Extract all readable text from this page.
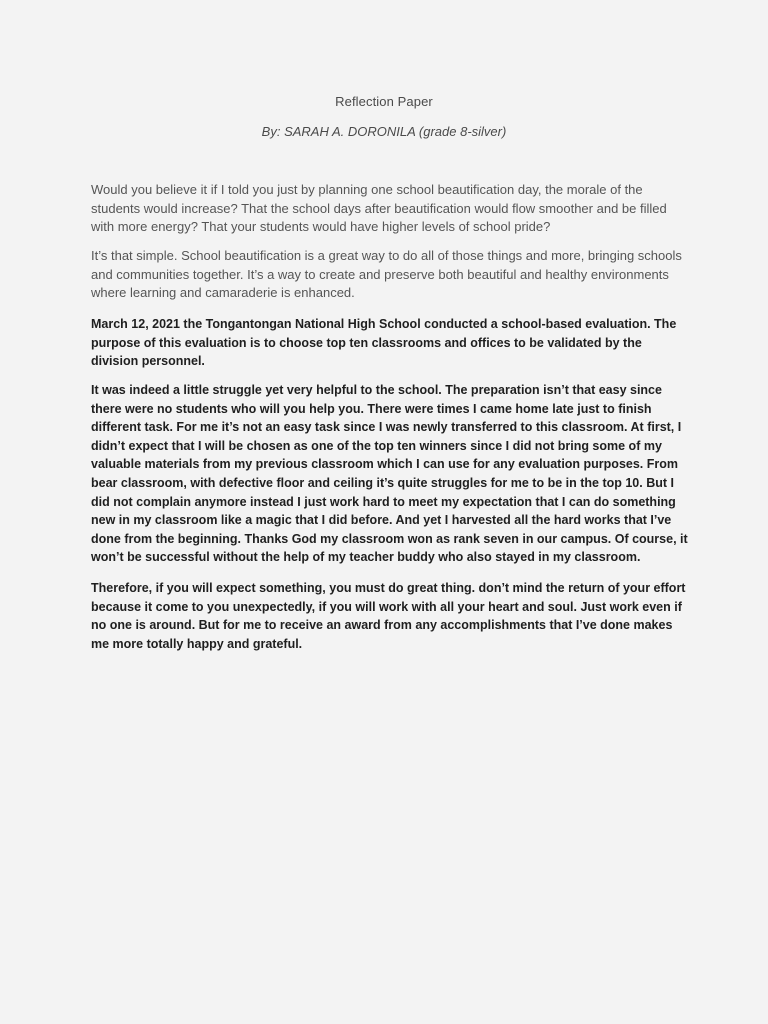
Reflection Paper
By: SARAH A. DORONILA (grade 8-silver)

Would you believe it if I told you just by planning one school beautification day, the morale of the students would increase? That the school days after beautification would flow smoother and be filled with more energy? That your students would have higher levels of school pride?

It’s that simple. School beautification is a great way to do all of those things and more, bringing schools and communities together. It’s a way to create and preserve both beautiful and healthy environments where learning and camaraderie is enhanced.

March 12, 2021 the Tongantongan National High School conducted a school-based evaluation. The purpose of this evaluation is to choose top ten classrooms and offices to be validated by the division personnel.

It was indeed a little struggle yet very helpful to the school. The preparation isn’t that easy since there were no students who will you help you. There were times I came home late just to finish different task. For me it’s not an easy task since I was newly transferred to this classroom. At first, I didn’t expect that I will be chosen as one of the top ten winners since I did not bring some of my valuable materials from my previous classroom which I can use for any evaluation purposes. From bear classroom, with defective floor and ceiling it’s quite struggles for me to be in the top 10. But I did not complain anymore instead I just work hard to meet my expectation that I can do something new in my classroom like a magic that I did before. And yet I harvested all the hard works that I’ve done from the beginning. Thanks God my classroom won as rank seven in our campus. Of course, it won’t be successful without the help of my teacher buddy who also stayed in my classroom.

Therefore, if you will expect something, you must do great thing. don’t mind the return of your effort because it come to you unexpectedly, if you will work with all your heart and soul. Just work even if no one is around. But for me to receive an award from any accomplishments that I’ve done makes me more totally happy and grateful.
